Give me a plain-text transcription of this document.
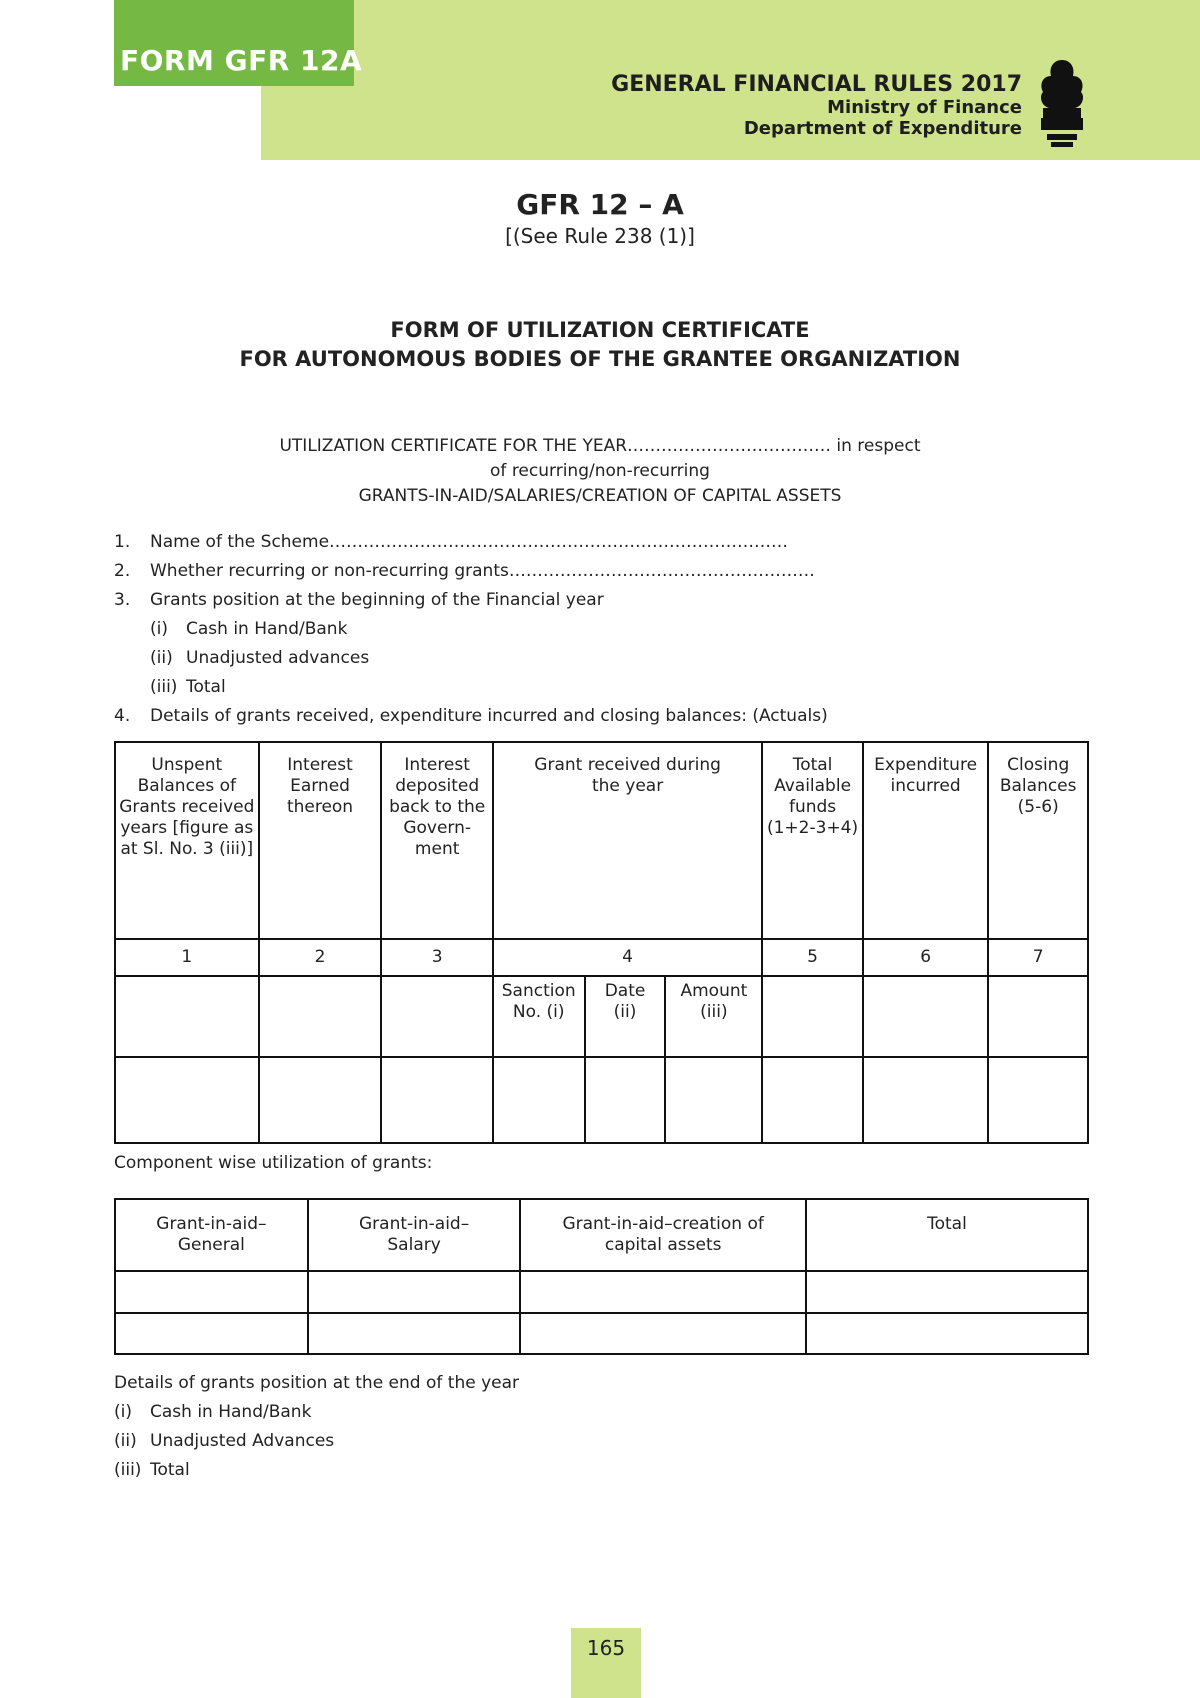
FORM GFR 12A
GENERAL FINANCIAL RULES 2017
Ministry of Finance
Department of Expenditure
GFR 12 – A
[(See Rule 238 (1)]
FORM OF UTILIZATION CERTIFICATE
FOR AUTONOMOUS BODIES OF THE GRANTEE ORGANIZATION
UTILIZATION CERTIFICATE FOR THE YEAR……………………………… in respect
of recurring/non-recurring
GRANTS-IN-AID/SALARIES/CREATION OF CAPITAL ASSETS
1. Name of the Scheme………………………………………………………………………
2. Whether recurring or non-recurring grants………………………………………………
3. Grants position at the beginning of the Financial year
(i) Cash in Hand/Bank
(ii) Unadjusted advances
(iii) Total
4. Details of grants received, expenditure incurred and closing balances: (Actuals)
Unspent Balances of Grants received years [figure as at Sl. No. 3 (iii)]	Interest Earned thereon	Interest deposited back to the Govern-ment	Grant received during the year			Total Available funds (1+2-3+4)	Expenditure incurred	Closing Balances (5-6)
1	2	3	4			5	6	7
			Sanction No. (i)	Date (ii)	Amount (iii)			

Component wise utilization of grants:
Grant-in-aid–General	Grant-in-aid–Salary	Grant-in-aid–creation of capital assets	Total

Details of grants position at the end of the year
(i) Cash in Hand/Bank
(ii) Unadjusted Advances
(iii) Total
165
